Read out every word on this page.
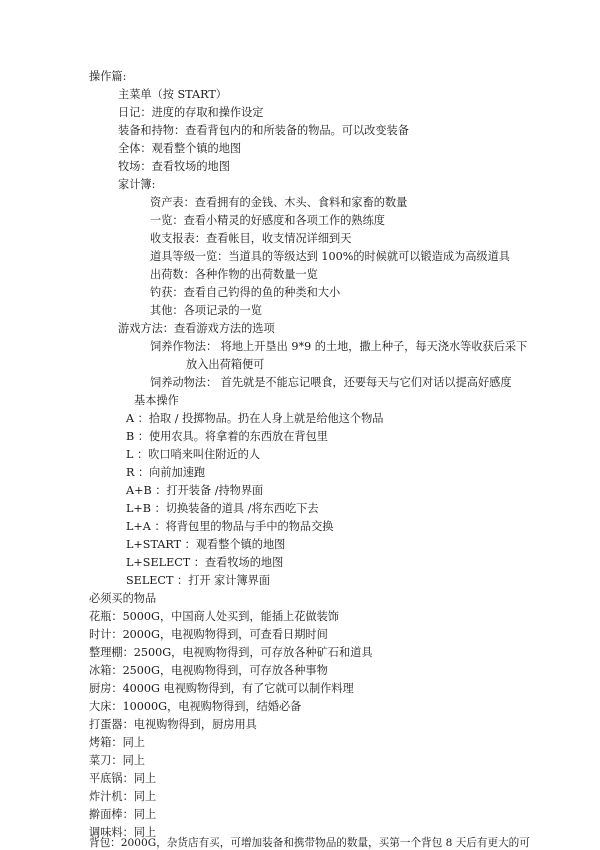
操作篇:
主菜单（按 START）
日记：进度的存取和操作设定
装备和持物：查看背包内的和所装备的物品。可以改变装备
全体：观看整个镇的地图
牧场：查看牧场的地图
家计簿:
资产表：查看拥有的金钱、木头、食料和家畜的数量
一览：查看小精灵的好感度和各项工作的熟练度
收支报表：查看帐目，收支情况详细到天
道具等级一览：当道具的等级达到 100%的时候就可以锻造成为高级道具
出荷数：各种作物的出荷数量一览
钓获：查看自己钓得的鱼的种类和大小
其他：各项记录的一览
游戏方法：查看游戏方法的选项
饲养作物法： 将地上开垦出 9*9 的土地，撒上种子，每天浇水等收获后采下
放入出荷箱便可
饲养动物法： 首先就是不能忘记喂食，还要每天与它们对话以提高好感度
基本操作
A ：拾取 / 投掷物品。扔在人身上就是给他这个物品
B ：使用农具。将拿着的东西放在背包里
L ：吹口哨来叫住附近的人
R ：向前加速跑
A+B ：打开装备 /持物界面
L+B ：切换装备的道具 /将东西吃下去
L+A ：将背包里的物品与手中的物品交换
L+START ：观看整个镇的地图
L+SELECT ：查看牧场的地图
SELECT ：打开 家计簿界面
必须买的物品
花瓶：5000G，中国商人处买到，能插上花做装饰
时计：2000G，电视购物得到，可查看日期时间
整理棚：2500G，电视购物得到，可存放各种矿石和道具
冰箱：2500G，电视购物得到，可存放各种事物
厨房：4000G 电视购物得到，有了它就可以制作料理
大床：10000G，电视购物得到，结婚必备
打蛋器：电视购物得到，厨房用具
烤箱：同上
菜刀：同上
平底锅：同上
炸汁机：同上
擀面棒：同上
调味料：同上
背包：2000G，杂货店有买，可增加装备和携带物品的数量，买第一个背包 8 天后有更大的可
